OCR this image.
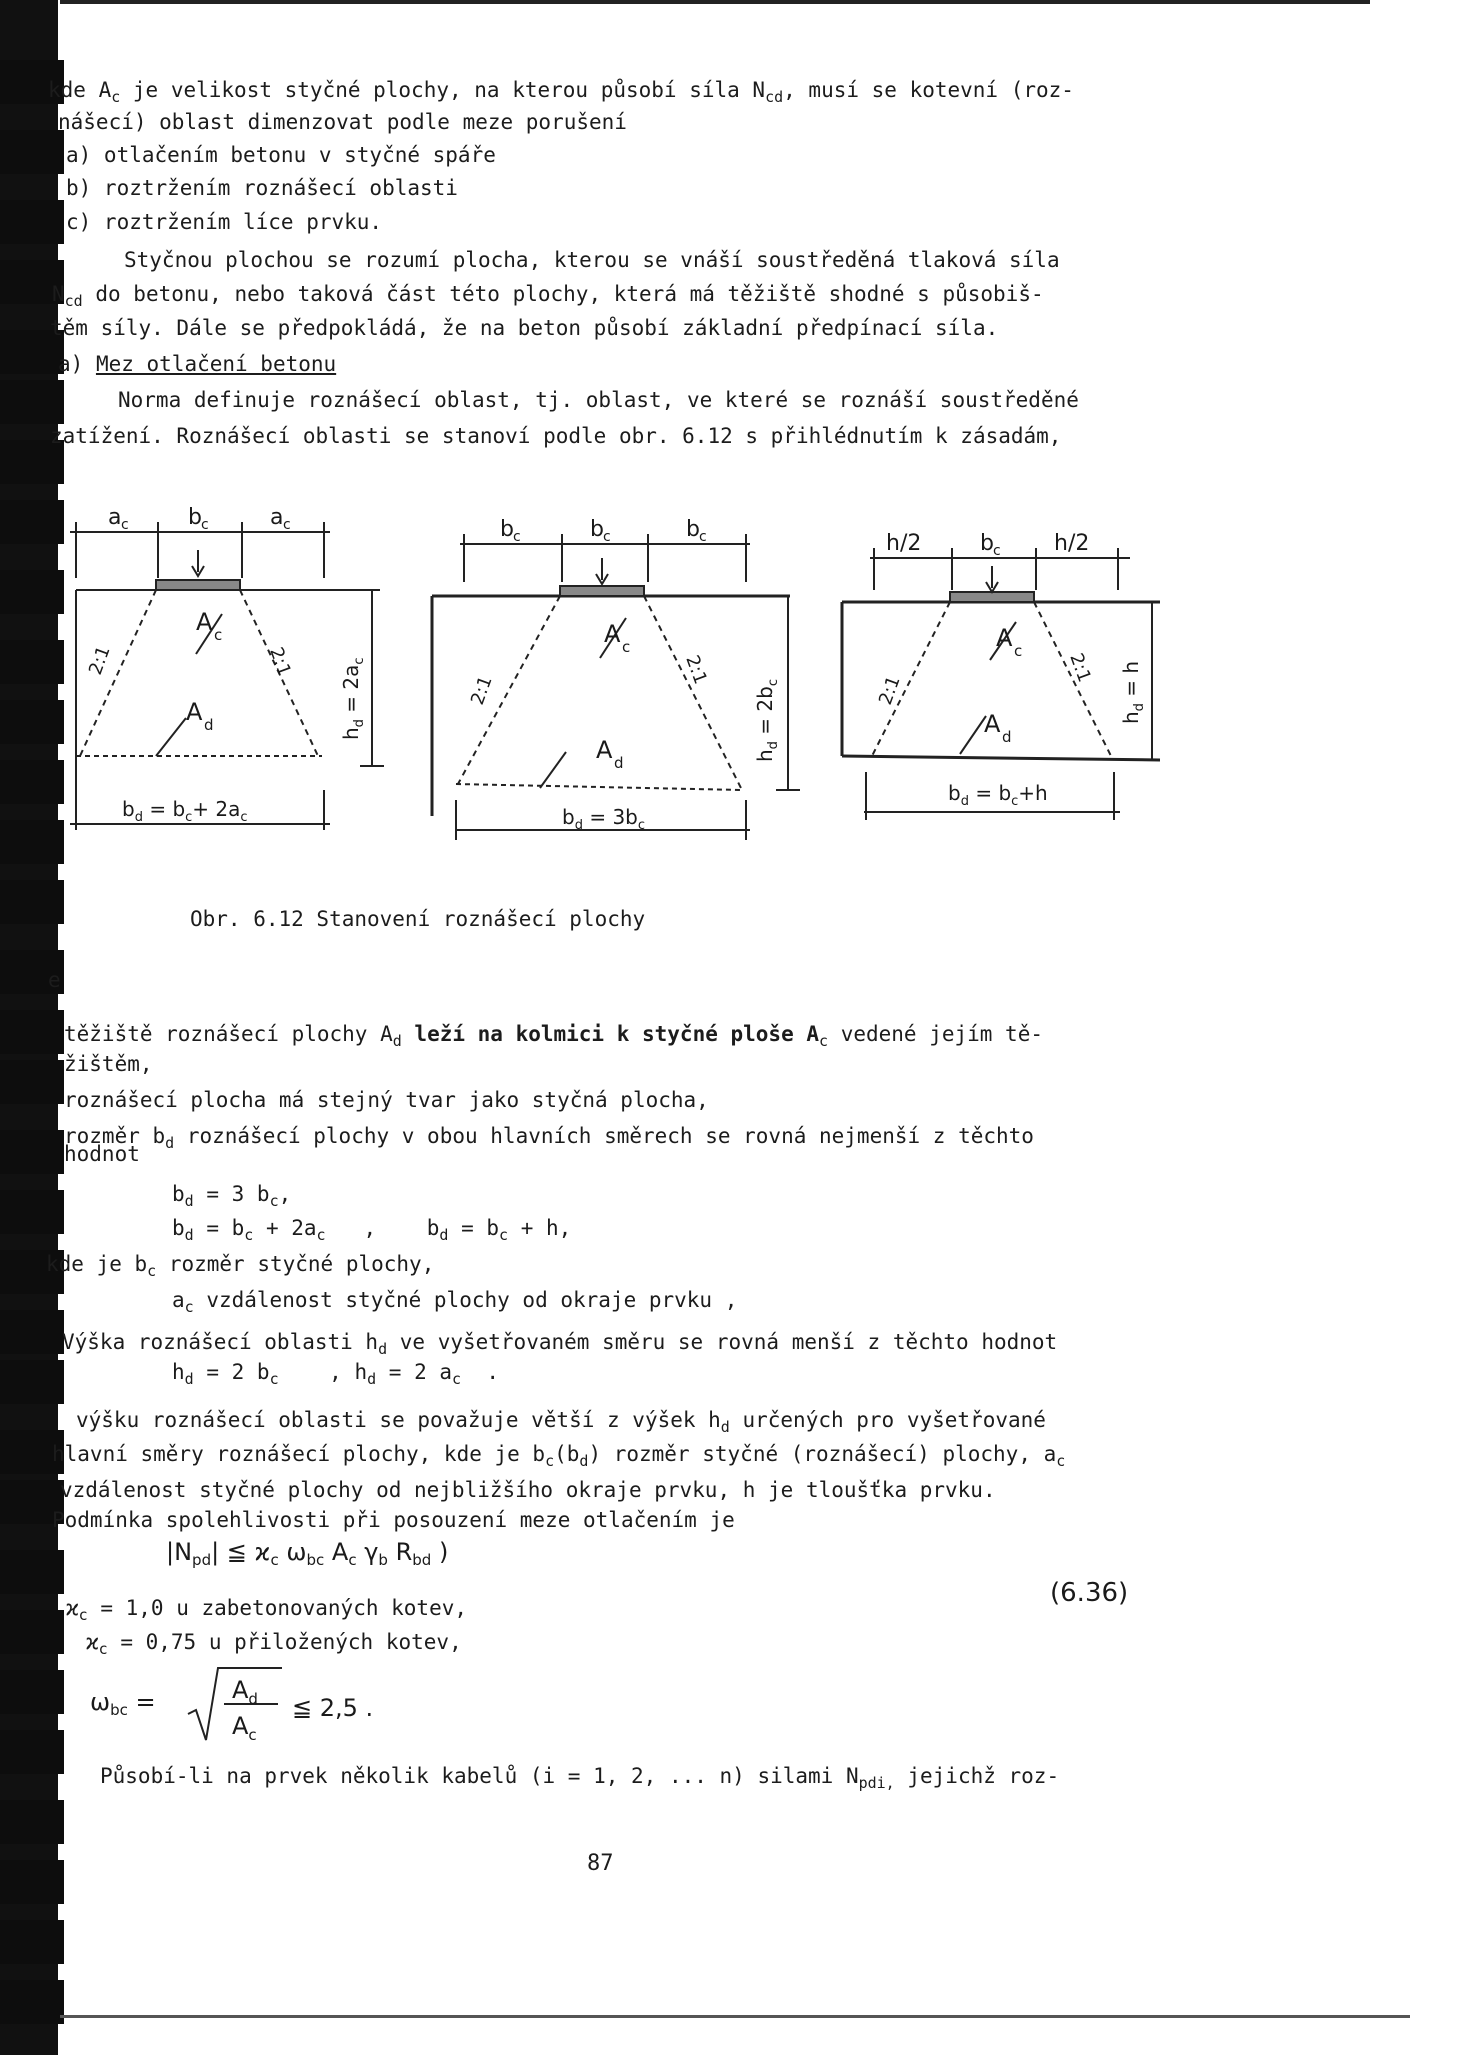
kde $A_c$ je velikost styčné plochy, na kterou působí síla $N_{cd}$, musí se kotevní (roz-
nášecí) oblast dimenzovat podle meze porušení
a) otlačením betonu v styčné spáře
b) roztržením roznášecí oblasti
c) roztržením líce prvku.
Styčnou plochou se rozumí plocha, kterou se vnáší soustředěná tlaková síla
$N_{cd}$ do betonu, nebo taková část této plochy, která má těžiště shodné s působiš-
těm síly. Dále se předpokládá, že na beton působí základní předpínací síla.
a) Mez otlačení betonu
Norma definuje roznášecí oblast, tj. oblast, ve které se roznáší soustředěné
zatížení. Roznášecí oblasti se stanoví podle obr. 6.12 s přihlédnutím k zásadám,
a c	b c	a c
A c
A d
2:1	2:1
$h_d = 2a_c$
$b_d = b_c+ 2a_c$
b c	b c	b c
A c
A d
2:1
2:1
$h_d = 2b_c$
$b_d = 3b_c$
h/2	b c h/2
A c
A d
2:1
2:1
$h_d = h$
$b_d = b_c+h$
Obr. 6.12 Stanovení roznášecí plochy
e
těžiště roznášecí plochy $A_d$ leží na kolmici k styčné ploše $A_c$ vedené jejím tě-
žištěm,
roznášecí plocha má stejný tvar jako styčná plocha,
rozměr $b_d$ roznášecí plochy v obou hlavních směrech se rovná nejmenší z těchto
hodnot
$b_d = 3$ $b_c$,
$b_d = b_c + 2a_c$   ,    $b_d = b_c + h$,
kde je $b_c$ rozměr styčné plochy,
$a_c$ vzdálenost styčné plochy od okraje prvku ,
Výška roznášecí oblasti $h_d$ ve vyšetřovaném směru se rovná menší z těchto hodnot
$h_d = 2$ $b_c$    , $h_d = 2$ $a_c$  .
výšku roznášecí oblasti se považuje větší z výšek $h_d$ určených pro vyšetřované
hlavní směry roznášecí plochy, kde je $b_c(b_d)$ rozměr styčné (roznášecí) plochy, $a_c$
vzdálenost styčné plochy od nejbližšího okraje prvku, h je tloušťka prvku.
Podmínka spolehlivosti při posouzení meze otlačením je
$|N_{pd}|$ ≦ $ϰ_c$ $\omega_{bc}$ $A_c$ $\gamma_b$ $R_{bd}$ )
(6.36)
$ϰ_c = 1,0$ u zabetonovaných kotev,
$ϰ_c = 0,75$ u přiložených kotev,
$\omega_{bc}$ =	$A_d$
$A_c$
≦ 2,5 .
Působí-li na prvek několik kabelů (i = 1, 2, ... n) silami $N_{pdi,}$ jejichž roz-
87
